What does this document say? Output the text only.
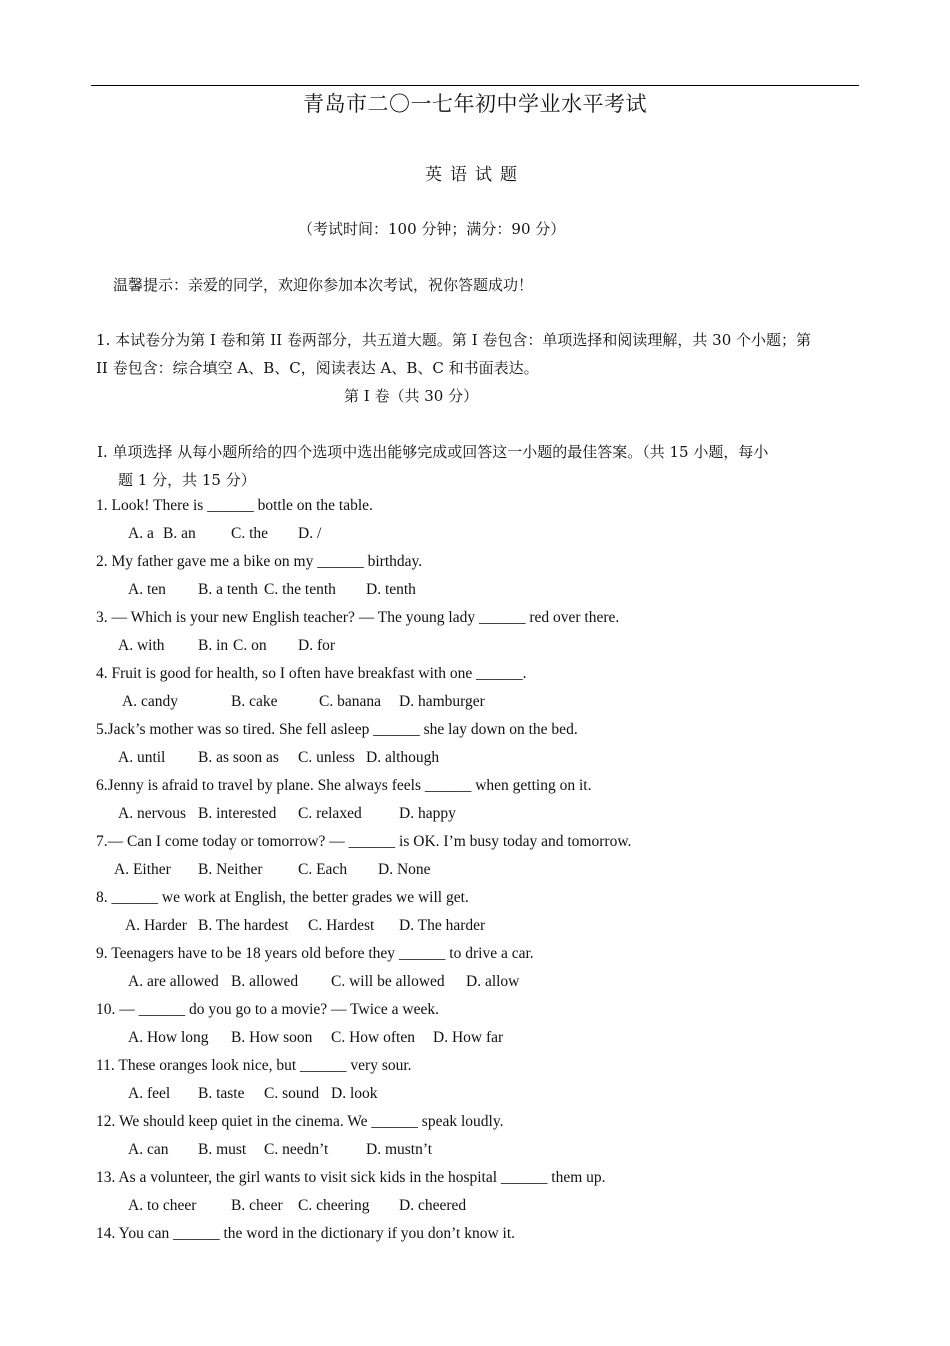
青岛市二〇一七年初中学业水平考试
英语试题
（考试时间：100 分钟；满分：90 分）
温馨提示：亲爱的同学，欢迎你参加本次考试，祝你答题成功！
1. 本试卷分为第 I 卷和第 II 卷两部分，共五道大题。第 I 卷包含：单项选择和阅读理解，共 30 个小题；第
II 卷包含：综合填空 A、B、C，阅读表达 A、B、C 和书面表达。
第 I 卷（共 30 分）
I. 单项选择 从每小题所给的四个选项中选出能够完成或回答这一小题的最佳答案。（共 15 小题，每小
题 1 分，共 15 分）
1. Look! There is ______ bottle on the table.
A. a B. an C. the D. /
2. My father gave me a bike on my ______ birthday.
A. ten B. a tenth C. the tenth D. tenth
3. — Which is your new English teacher? — The young lady ______ red over there.
A. with B. in C. on D. for
4. Fruit is good for health, so I often have breakfast with one ______.
A. candy	B. cake	C. banana D. hamburger
5.Jack’s mother was so tired. She fell asleep ______ she lay down on the bed.
A. until B. as soon as C. unless D. although
6.Jenny is afraid to travel by plane. She always feels ______ when getting on it.
A. nervous B. interested C. relaxed D. happy
7.— Can I come today or tomorrow? — ______ is OK. I’m busy today and tomorrow.
A. Either B. Neither C. Each D. None
8. ______ we work at English, the better grades we will get.
A. Harder B. The hardest C. Hardest D. The harder
9. Teenagers have to be 18 years old before they ______ to drive a car.
A. are allowed B. allowed C. will be allowed D. allow
10. — ______ do you go to a movie? — Twice a week.
A. How long B. How soon C. How often D. How far
11. These oranges look nice, but ______ very sour.
A. feel B. taste C. sound D. look
12. We should keep quiet in the cinema. We ______ speak loudly.
A. can B. must C. needn’t D. mustn’t
13. As a volunteer, the girl wants to visit sick kids in the hospital ______ them up.
A. to cheer B. cheer C. cheering D. cheered
14. You can ______ the word in the dictionary if you don’t know it.
